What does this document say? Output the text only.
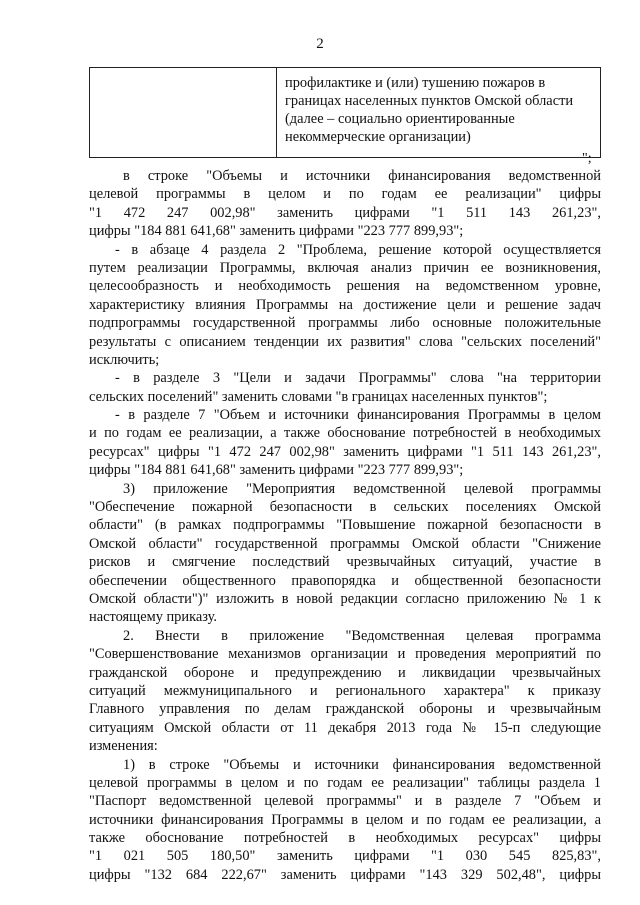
2
профилактике и (или) тушению пожаров в
границах населенных пунктов Омской области
(далее – социально ориентированные
некоммерческие организации)
";
в строке "Объемы и источники финансирования ведомственной
целевой программы в целом и по годам ее реализации" цифры
"1 472 247 002,98" заменить цифрами "1 511 143 261,23",
цифры "184 881 641,68" заменить цифрами "223 777 899,93";
- в абзаце 4 раздела 2 "Проблема, решение которой осуществляется
путем реализации Программы, включая анализ причин ее возникновения,
целесообразность и необходимость решения на ведомственном уровне,
характеристику влияния Программы на достижение цели и решение задач
подпрограммы государственной программы либо основные положительные
результаты с описанием тенденции их развития" слова "сельских поселений"
исключить;
- в разделе 3 "Цели и задачи Программы" слова "на территории
сельских поселений" заменить словами "в границах населенных пунктов";
- в разделе 7 "Объем и источники финансирования Программы в целом
и по годам ее реализации, а также обоснование потребностей в необходимых
ресурсах" цифры "1 472 247 002,98" заменить цифрами "1 511 143 261,23",
цифры "184 881 641,68" заменить цифрами "223 777 899,93";
3) приложение "Мероприятия ведомственной целевой программы
"Обеспечение пожарной безопасности в сельских поселениях Омской
области" (в рамках подпрограммы "Повышение пожарной безопасности в
Омской области" государственной программы Омской области "Снижение
рисков и смягчение последствий чрезвычайных ситуаций, участие в
обеспечении общественного правопорядка и общественной безопасности
Омской области")" изложить в новой редакции согласно приложению № 1 к
настоящему приказу.
2. Внести в приложение "Ведомственная целевая программа
"Совершенствование механизмов организации и проведения мероприятий по
гражданской обороне и предупреждению и ликвидации чрезвычайных
ситуаций межмуниципального и регионального характера" к приказу
Главного управления по делам гражданской обороны и чрезвычайным
ситуациям Омской области от 11 декабря 2013 года № 15-п следующие
изменения:
1) в строке "Объемы и источники финансирования ведомственной
целевой программы в целом и по годам ее реализации" таблицы раздела 1
"Паспорт ведомственной целевой программы" и в разделе 7 "Объем и
источники финансирования Программы в целом и по годам ее реализации, а
также обоснование потребностей в необходимых ресурсах" цифры
"1 021 505 180,50" заменить цифрами "1 030 545 825,83",
цифры "132 684 222,67" заменить цифрами "143 329 502,48", цифры
